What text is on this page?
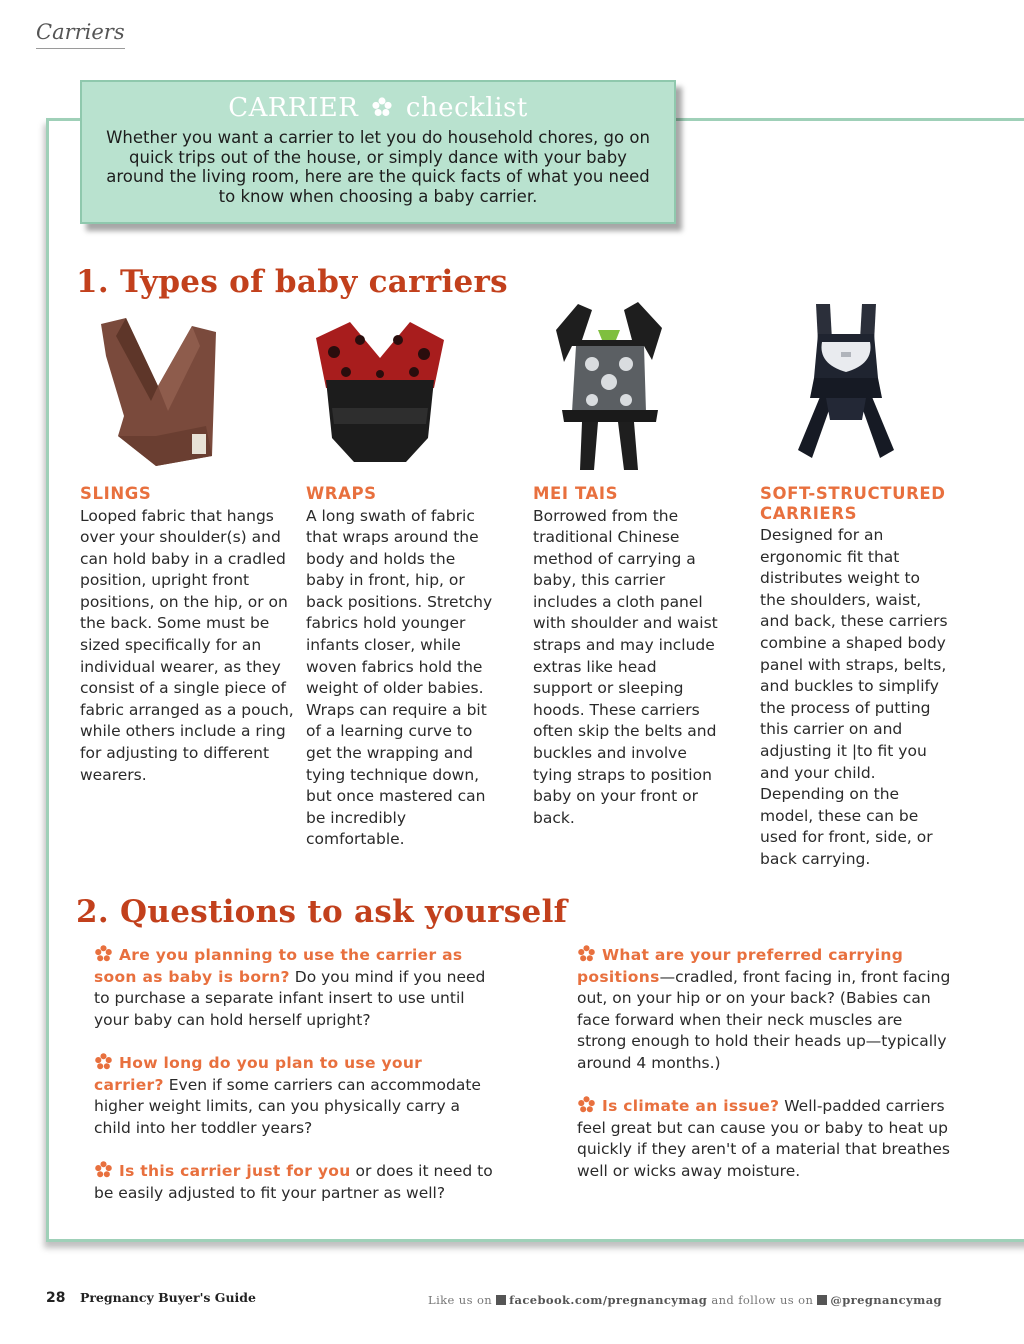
Carriers
CARRIER checklist
Whether you want a carrier to let you do household chores, go on quick trips out of the house, or simply dance with your baby around the living room, here are the quick facts of what you need to know when choosing a baby carrier.
1. Types of baby carriers
SLINGS
Looped fabric that hangs over your shoulder(s) and can hold baby in a cradled position, upright front positions, on the hip, or on the back. Some must be sized specifically for an individual wearer, as they consist of a single piece of fabric arranged as a pouch, while others include a ring for adjusting to different wearers.
WRAPS
A long swath of fabric that wraps around the body and holds the baby in front, hip, or back positions. Stretchy fabrics hold younger infants closer, while woven fabrics hold the weight of older babies. Wraps can require a bit of a learning curve to get the wrapping and tying technique down, but once mastered can be incredibly comfortable.
MEI TAIS
Borrowed from the traditional Chinese method of carrying a baby, this carrier includes a cloth panel with shoulder and waist straps and may include extras like head support or sleeping hoods. These carriers often skip the belts and buckles and involve tying straps to position baby on your front or back.
SOFT-STRUCTURED CARRIERS
Designed for an ergonomic fit that distributes weight to the shoulders, waist, and back, these carriers combine a shaped body panel with straps, belts, and buckles to simplify the process of putting this carrier on and adjusting it |to fit you and your child. Depending on the model, these can be used for front, side, or back carrying.
2. Questions to ask yourself
Are you planning to use the carrier as soon as baby is born? Do you mind if you need to purchase a separate infant insert to use until your baby can hold herself upright?
How long do you plan to use your carrier? Even if some carriers can accommodate higher weight limits, can you physically carry a child into her toddler years?
Is this carrier just for you or does it need to be easily adjusted to fit your partner as well?
What are your preferred carrying positions—cradled, front facing in, front facing out, on your hip or on your back? (Babies can face forward when their neck muscles are strong enough to hold their heads up—typically around 4 months.)
Is climate an issue? Well-padded carriers feel great but can cause you or baby to heat up quickly if they aren't of a material that breathes well or wicks away moisture.
28 Pregnancy Buyer's Guide	Like us on facebook.com/pregnancymag and follow us on @pregnancymag
